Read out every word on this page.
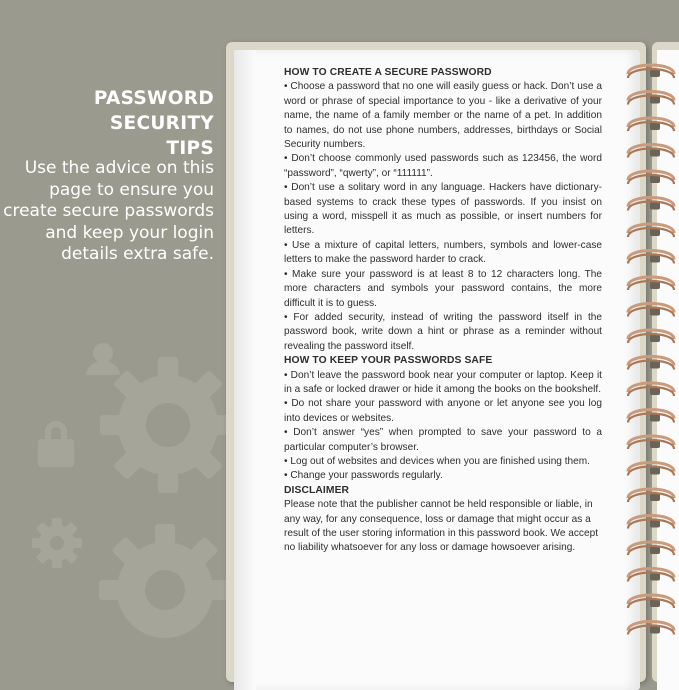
PASSWORD
SECURITY
TIPS
Use the advice on this page to ensure you create secure passwords and keep your login details extra safe.
HOW TO CREATE A SECURE PASSWORD

• Choose a password that no one will easily guess or hack. Don’t use a word or phrase of special importance to you - like a derivative of your name, the name of a family member or the name of a pet. In addition to names, do not use phone numbers, addresses, birthdays or Social Security numbers.

• Don’t choose commonly used passwords such as 123456, the word “password”, “qwerty”, or “111111”.

• Don’t use a solitary word in any language. Hackers have dictionary-based systems to crack these types of passwords. If you insist on using a word, misspell it as much as possible, or insert numbers for letters.

• Use a mixture of capital letters, numbers, symbols and lower-case letters to make the password harder to crack.

• Make sure your password is at least 8 to 12 characters long. The more characters and symbols your password contains, the more difficult it is to guess.

• For added security, instead of writing the password itself in the password book, write down a hint or phrase as a reminder without revealing the password itself.

HOW TO KEEP YOUR PASSWORDS SAFE

• Don’t leave the password book near your computer or laptop. Keep it in a safe or locked drawer or hide it among the books on the bookshelf.

• Do not share your password with anyone or let anyone see you log into devices or websites.

• Don’t answer “yes” when prompted to save your password to a particular computer’s browser.

• Log out of websites and devices when you are finished using them.

• Change your passwords regularly.

DISCLAIMER

Please note that the publisher cannot be held responsible or liable, in any way, for any consequence, loss or damage that might occur as a result of the user storing information in this password book. We accept no liability whatsoever for any loss or damage howsoever arising.
